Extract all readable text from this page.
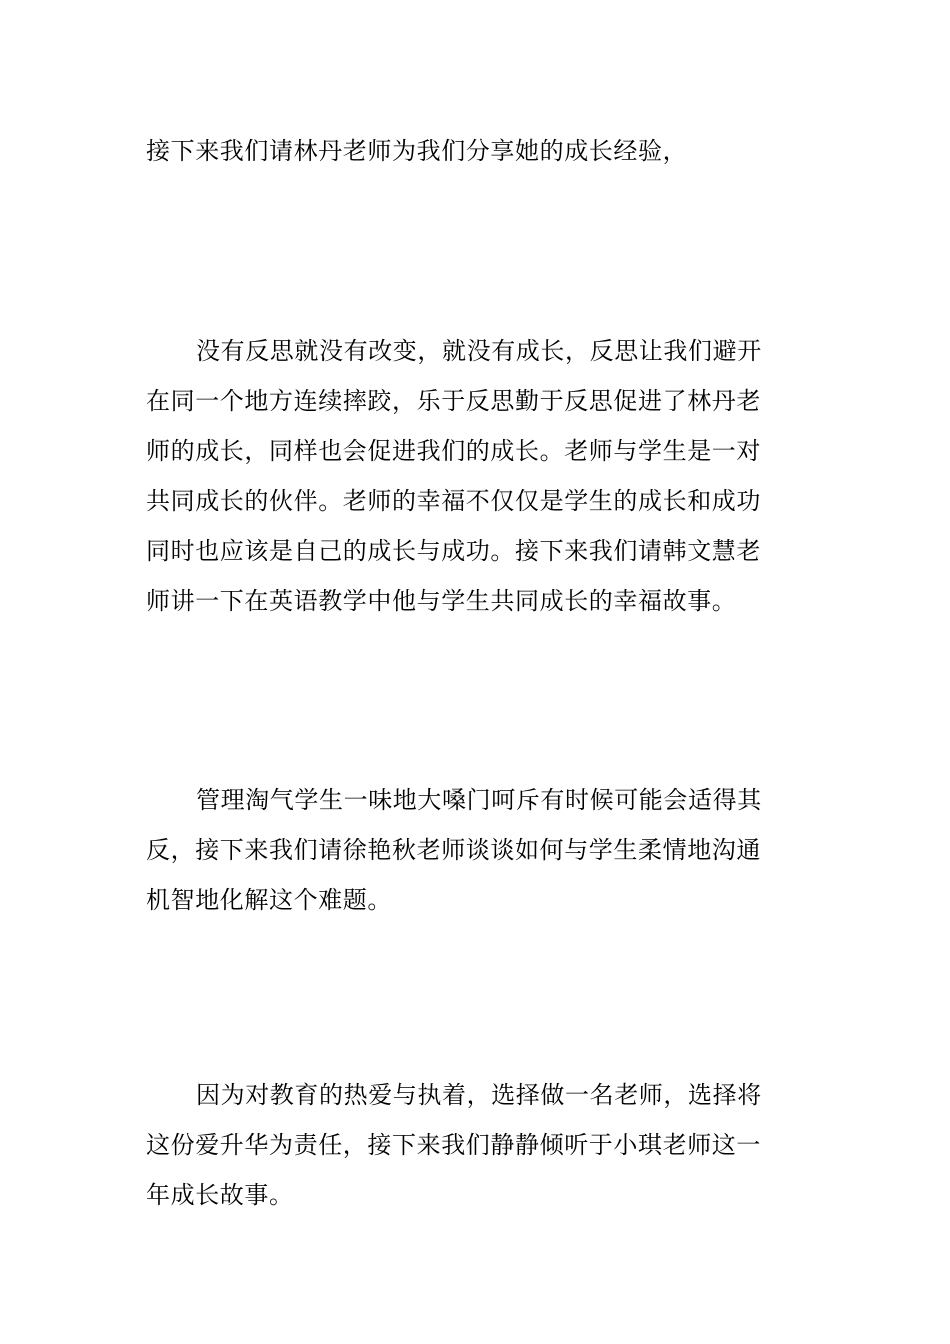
接下来我们请林丹老师为我们分享她的成长经验，

没有反思就没有改变，就没有成长，反思让我们避开
在同一个地方连续摔跤，乐于反思勤于反思促进了林丹老
师的成长，同样也会促进我们的成长。老师与学生是一对
共同成长的伙伴。老师的幸福不仅仅是学生的成长和成功
同时也应该是自己的成长与成功。接下来我们请韩文慧老
师讲一下在英语教学中他与学生共同成长的幸福故事。

管理淘气学生一味地大嗓门呵斥有时候可能会适得其
反，接下来我们请徐艳秋老师谈谈如何与学生柔情地沟通
机智地化解这个难题。

因为对教育的热爱与执着，选择做一名老师，选择将
这份爱升华为责任，接下来我们静静倾听于小琪老师这一
年成长故事。
